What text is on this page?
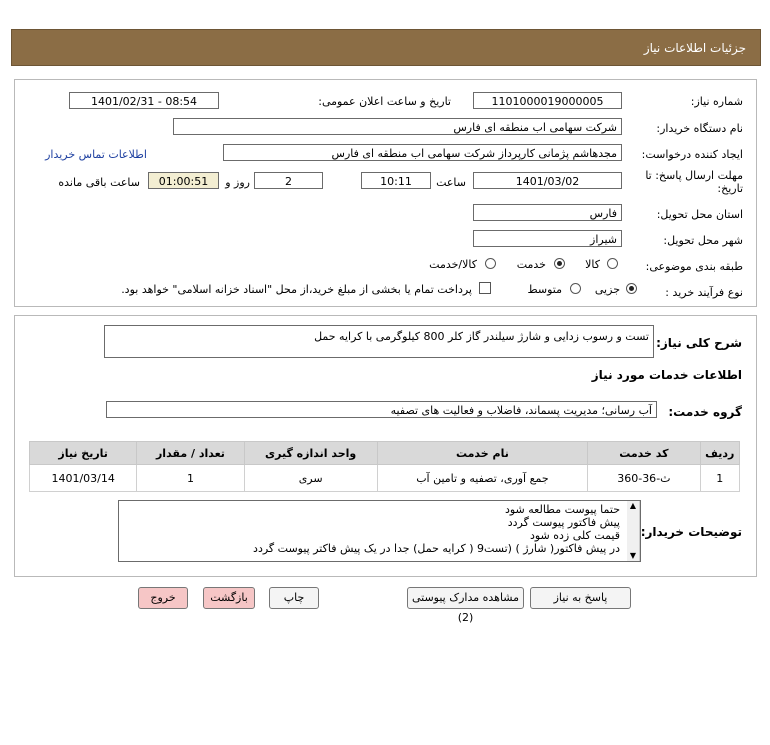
جزئیات اطلاعات نیاز
شماره نیاز:
1101000019000005
تاریخ و ساعت اعلان عمومی:
1401/02/31 - 08:54
نام دستگاه خریدار:
شرکت سهامی اب منطقه ای فارس
ایجاد کننده درخواست:
مجدهاشم پژمانی کارپرداز شرکت سهامی اب منطقه ای فارس
اطلاعات تماس خریدار
مهلت ارسال پاسخ: تا
تاریخ:
1401/03/02
ساعت
10:11
2
روز و
01:00:51
ساعت باقی مانده
استان محل تحویل:
فارس
شهر محل تحویل:
شیراز
طبقه بندی موضوعی:
کالا
خدمت
کالا/خدمت
نوع فرآیند خرید :
جزیی
متوسط
پرداخت تمام یا بخشی از مبلغ خرید،از محل "اسناد خزانه اسلامی" خواهد بود.
شرح کلی نیاز:
تست و رسوب زدایی و شارژ سیلندر گاز کلر 800 کیلوگرمی با کرایه حمل
اطلاعات خدمات مورد نیاز
گروه خدمت:
آب رسانی؛ مدیریت پسماند، فاضلاب و فعالیت های تصفیه
ردیف	کد خدمت	نام خدمت	واحد اندازه گیری	تعداد / مقدار	تاریخ نیاز
1	ث-36-360	جمع آوری، تصفیه و تامین آب	سری	1	1401/03/14
توضیحات خریدار:
حتما پیوست مطالعه شود
پیش فاکتور پیوست گردد
قیمت کلی زده شود
در پیش فاکتور( شارژ ) (تست9 ( کرایه حمل) جدا در یک پیش فاکتر پیوست گردد
▲
▼
پاسخ به نیاز
مشاهده مدارک پیوستی (2)
چاپ
بازگشت
خروج
